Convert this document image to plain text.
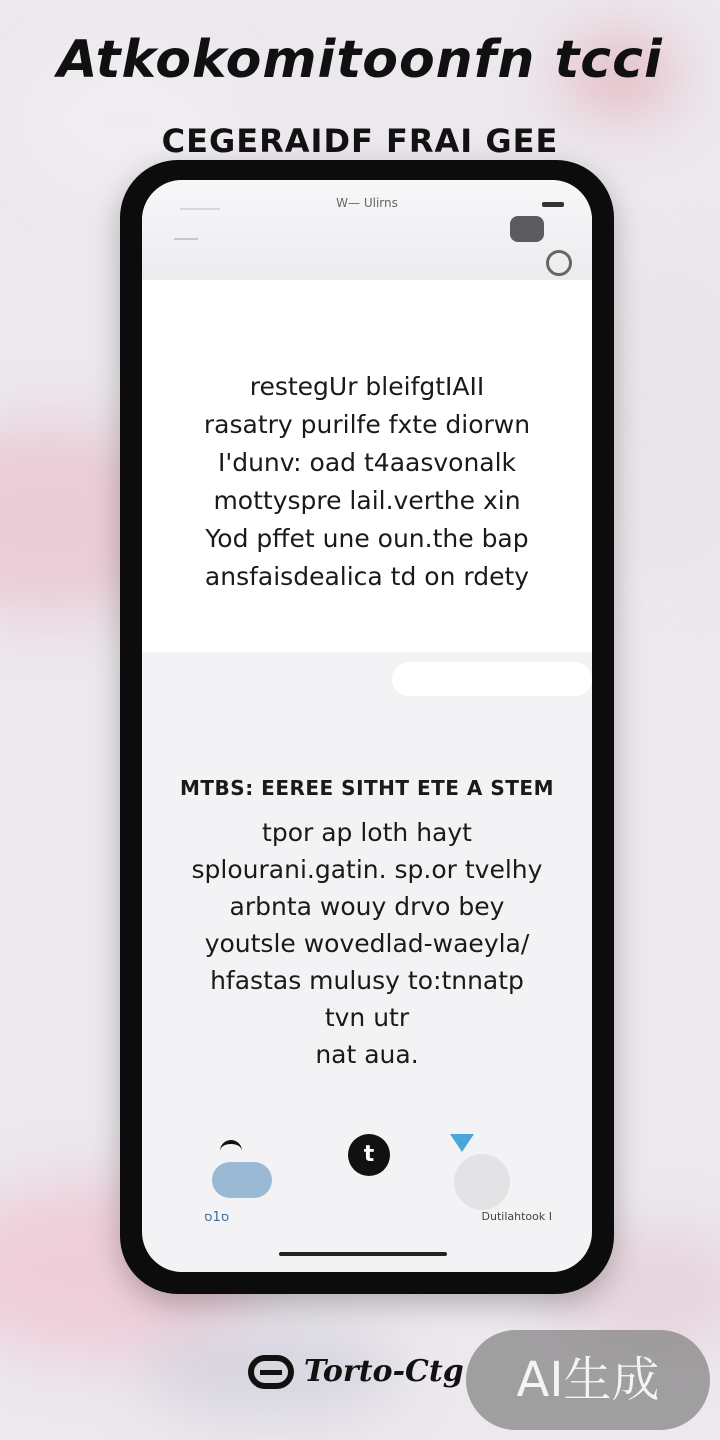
Atkokomitoonfn tcci
CEGERAIDF FRAI GEE
W— Ulirns
restegUr bleifgtIAII
rasatry purilfe fxte diorwn
I'dunv: oad t4aasvonalk
mottyspre lail.verthe xin
Yod pffet une oun.the bap
ansfaisdealica td on rdety
MTBS: EEREE SITHT ETE A STEM
tpor ap loth hayt
splourani.gatin. sp.or tvelhy
arbnta wouy drvo bey
youtsle wovedlad-waeyla/
hfastas mulusy to:tnnatp
tvn utr
nat aua.
ס1ס
t
Dutilahtook I
Torto-Ctg	AI生成
